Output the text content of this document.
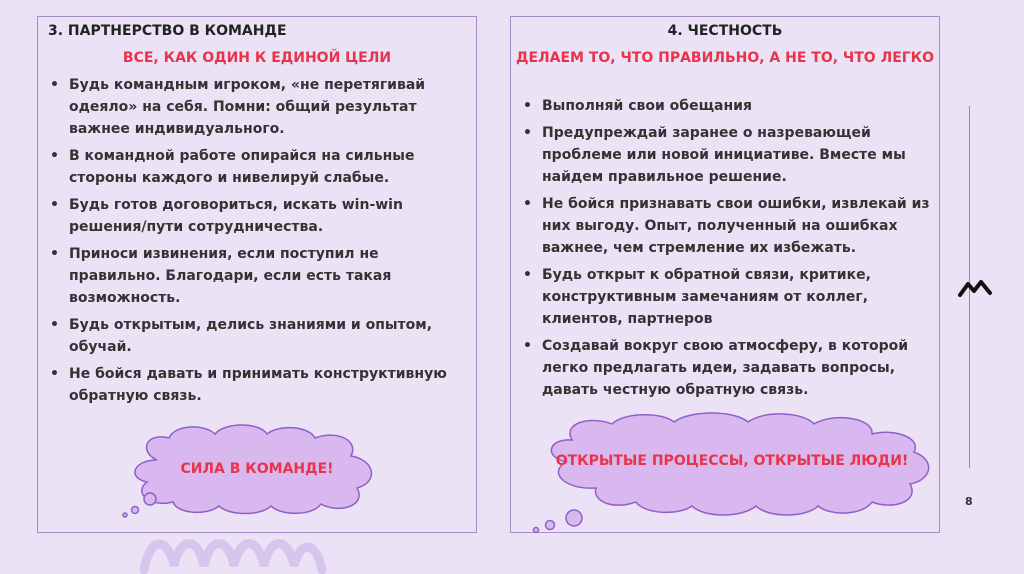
3. ПАРТНЕРСТВО В КОМАНДЕ

ВСЕ, КАК ОДИН К ЕДИНОЙ ЦЕЛИ

• Будь командным игроком, «не перетягивай одеяло» на себя. Помни: общий результат важнее индивидуального.
• В командной работе опирайся на сильные стороны каждого и нивелируй слабые.
• Будь готов договориться, искать win-win решения/пути сотрудничества.
• Приноси извинения, если поступил не правильно. Благодари, если есть такая возможность.
• Будь открытым, делись знаниями и опытом, обучай.
• Не бойся давать и принимать конструктивную обратную связь.
4. ЧЕСТНОСТЬ

ДЕЛАЕМ ТО, ЧТО ПРАВИЛЬНО, А НЕ ТО, ЧТО ЛЕГКО

• Выполняй свои обещания
• Предупреждай заранее о назревающей проблеме или новой инициативе. Вместе мы найдем правильное решение.
• Не бойся признавать свои ошибки, извлекай из них выгоду. Опыт, полученный на ошибках важнее, чем стремление их избежать.
• Будь открыт к обратной связи, критике, конструктивным замечаниям от коллег, клиентов, партнеров
• Создавай вокруг свою атмосферу, в которой легко предлагать идеи, задавать вопросы, давать честную обратную связь.
СИЛА В КОМАНДЕ!	ОТКРЫТЫЕ ПРОЦЕССЫ, ОТКРЫТЫЕ ЛЮДИ!
8
